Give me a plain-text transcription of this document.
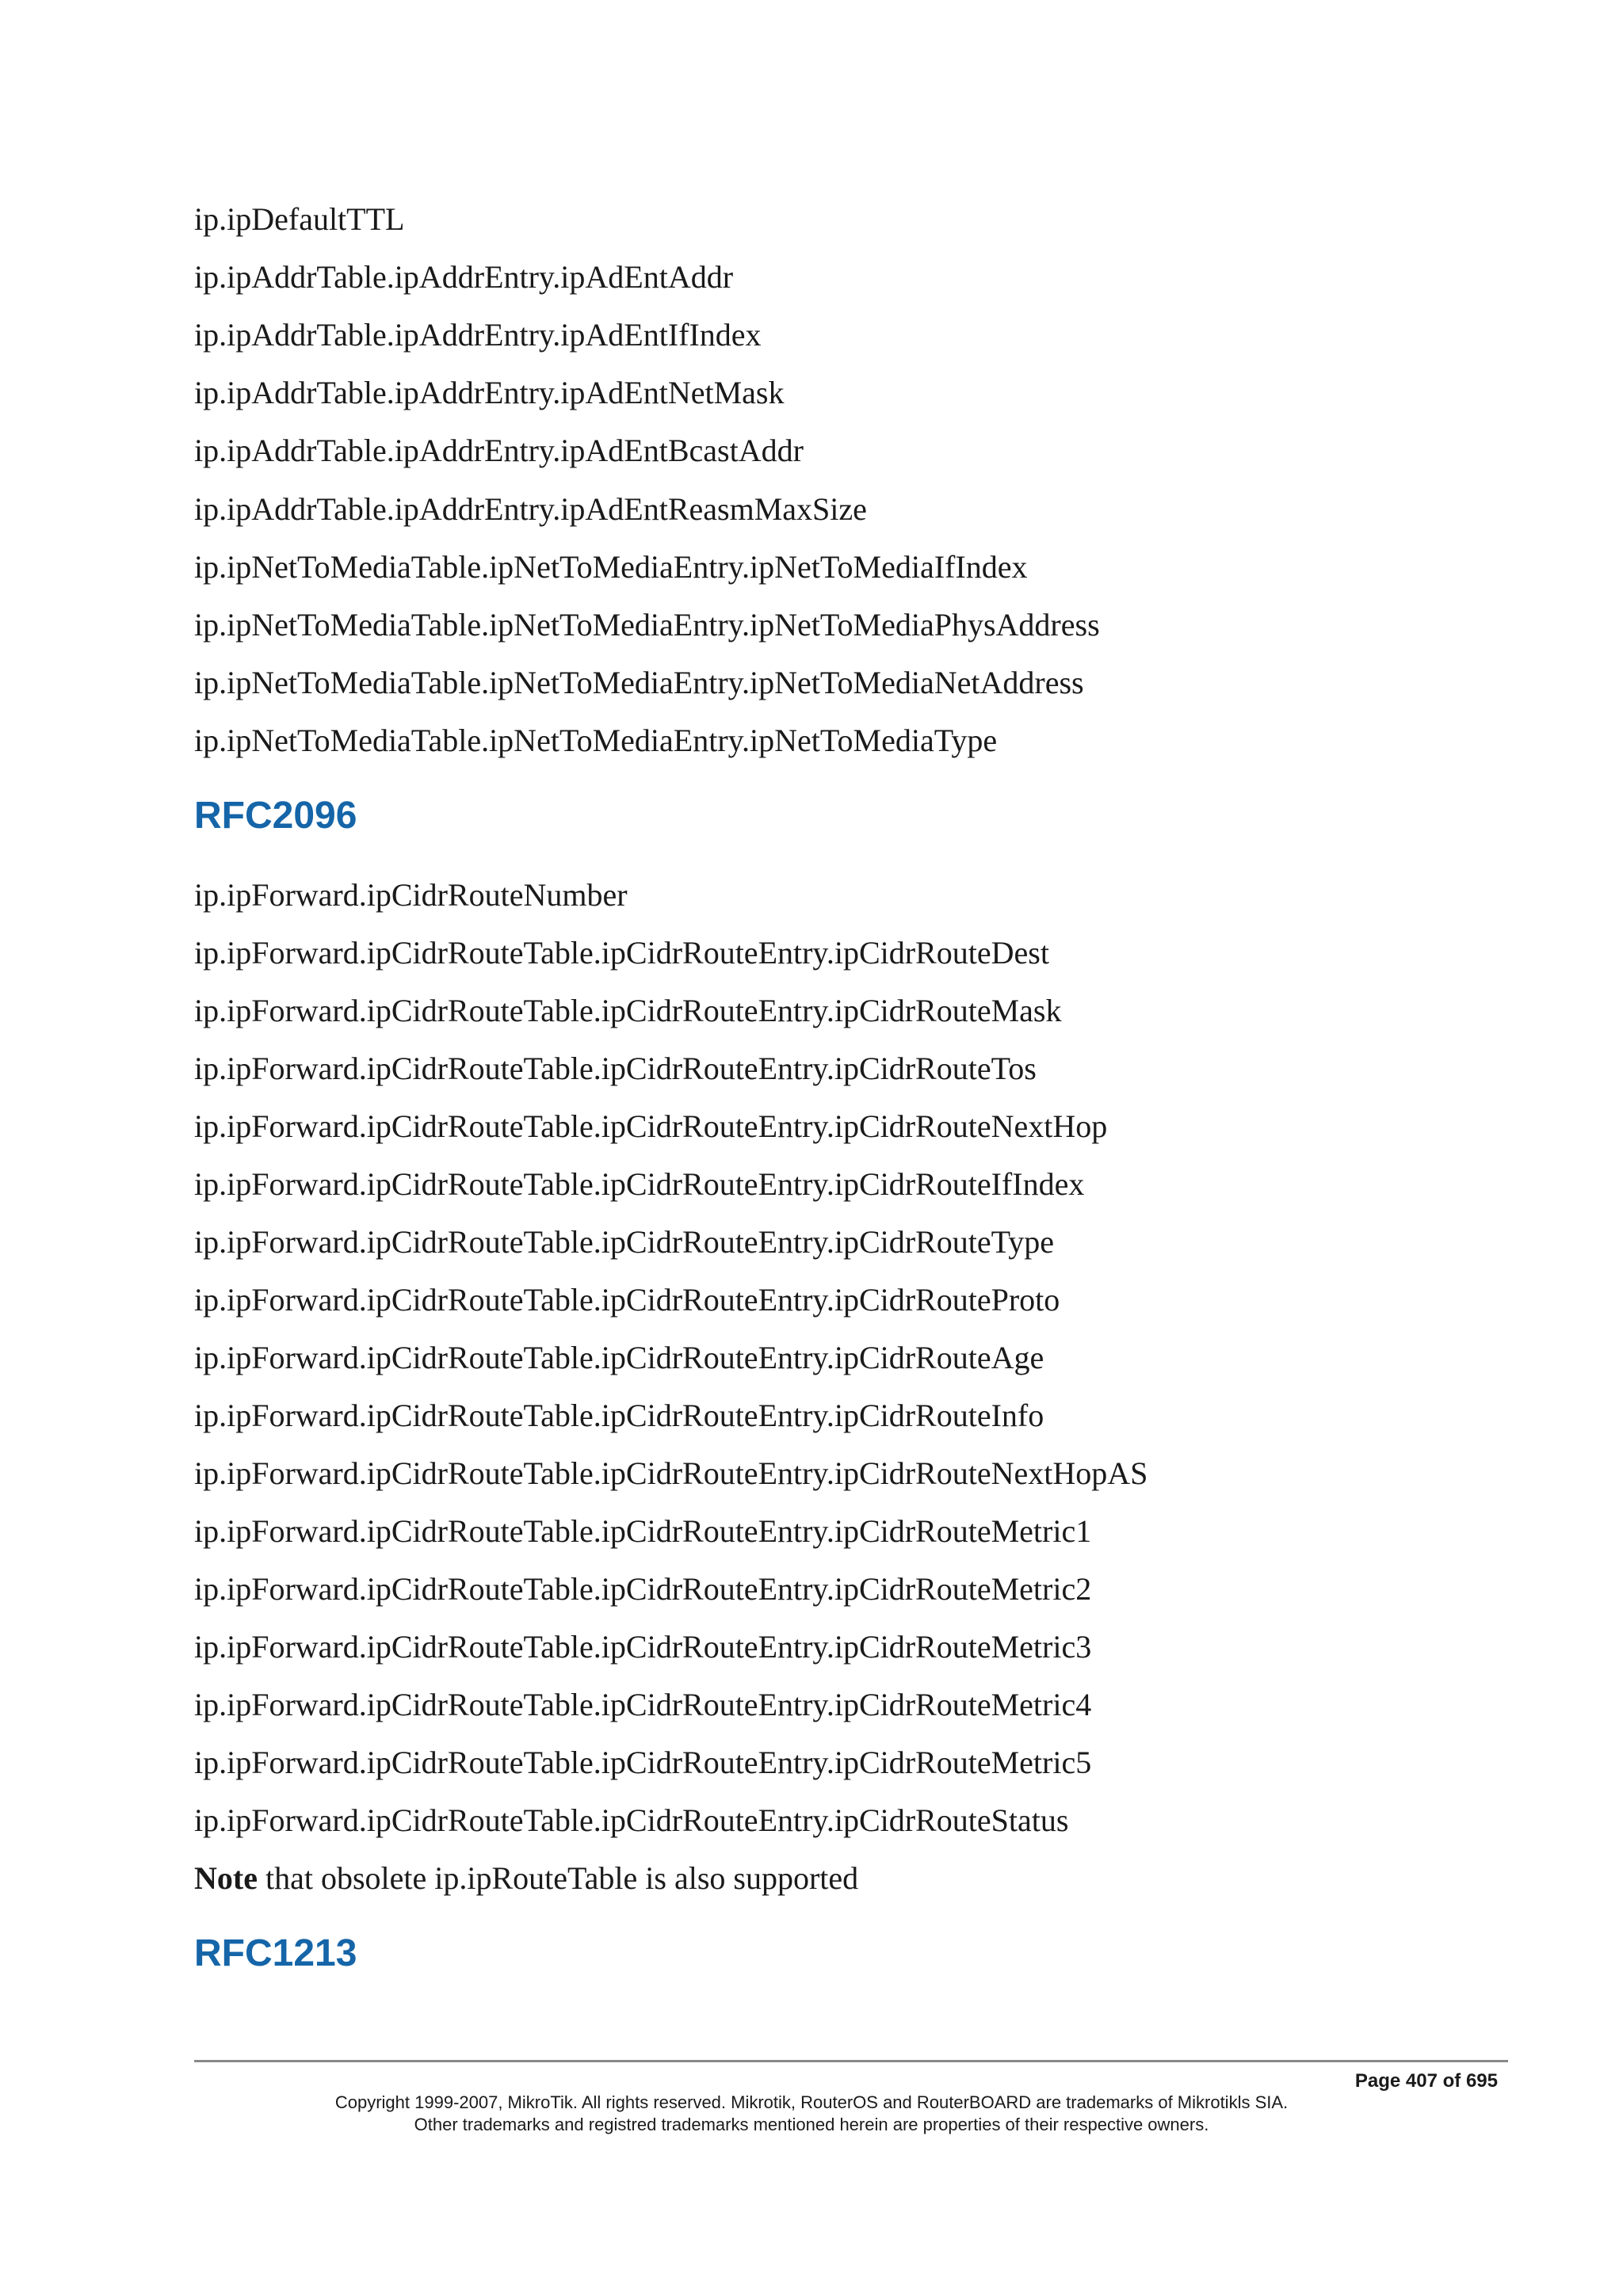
ip.ipDefaultTTL
ip.ipAddrTable.ipAddrEntry.ipAdEntAddr
ip.ipAddrTable.ipAddrEntry.ipAdEntIfIndex
ip.ipAddrTable.ipAddrEntry.ipAdEntNetMask
ip.ipAddrTable.ipAddrEntry.ipAdEntBcastAddr
ip.ipAddrTable.ipAddrEntry.ipAdEntReasmMaxSize
ip.ipNetToMediaTable.ipNetToMediaEntry.ipNetToMediaIfIndex
ip.ipNetToMediaTable.ipNetToMediaEntry.ipNetToMediaPhysAddress
ip.ipNetToMediaTable.ipNetToMediaEntry.ipNetToMediaNetAddress
ip.ipNetToMediaTable.ipNetToMediaEntry.ipNetToMediaType
RFC2096
ip.ipForward.ipCidrRouteNumber
ip.ipForward.ipCidrRouteTable.ipCidrRouteEntry.ipCidrRouteDest
ip.ipForward.ipCidrRouteTable.ipCidrRouteEntry.ipCidrRouteMask
ip.ipForward.ipCidrRouteTable.ipCidrRouteEntry.ipCidrRouteTos
ip.ipForward.ipCidrRouteTable.ipCidrRouteEntry.ipCidrRouteNextHop
ip.ipForward.ipCidrRouteTable.ipCidrRouteEntry.ipCidrRouteIfIndex
ip.ipForward.ipCidrRouteTable.ipCidrRouteEntry.ipCidrRouteType
ip.ipForward.ipCidrRouteTable.ipCidrRouteEntry.ipCidrRouteProto
ip.ipForward.ipCidrRouteTable.ipCidrRouteEntry.ipCidrRouteAge
ip.ipForward.ipCidrRouteTable.ipCidrRouteEntry.ipCidrRouteInfo
ip.ipForward.ipCidrRouteTable.ipCidrRouteEntry.ipCidrRouteNextHopAS
ip.ipForward.ipCidrRouteTable.ipCidrRouteEntry.ipCidrRouteMetric1
ip.ipForward.ipCidrRouteTable.ipCidrRouteEntry.ipCidrRouteMetric2
ip.ipForward.ipCidrRouteTable.ipCidrRouteEntry.ipCidrRouteMetric3
ip.ipForward.ipCidrRouteTable.ipCidrRouteEntry.ipCidrRouteMetric4
ip.ipForward.ipCidrRouteTable.ipCidrRouteEntry.ipCidrRouteMetric5
ip.ipForward.ipCidrRouteTable.ipCidrRouteEntry.ipCidrRouteStatus
Note that obsolete ip.ipRouteTable is also supported
RFC1213
Page 407 of 695
Copyright 1999-2007, MikroTik. All rights reserved. Mikrotik, RouterOS and RouterBOARD are trademarks of Mikrotikls SIA.
Other trademarks and registred trademarks mentioned herein are properties of their respective owners.
